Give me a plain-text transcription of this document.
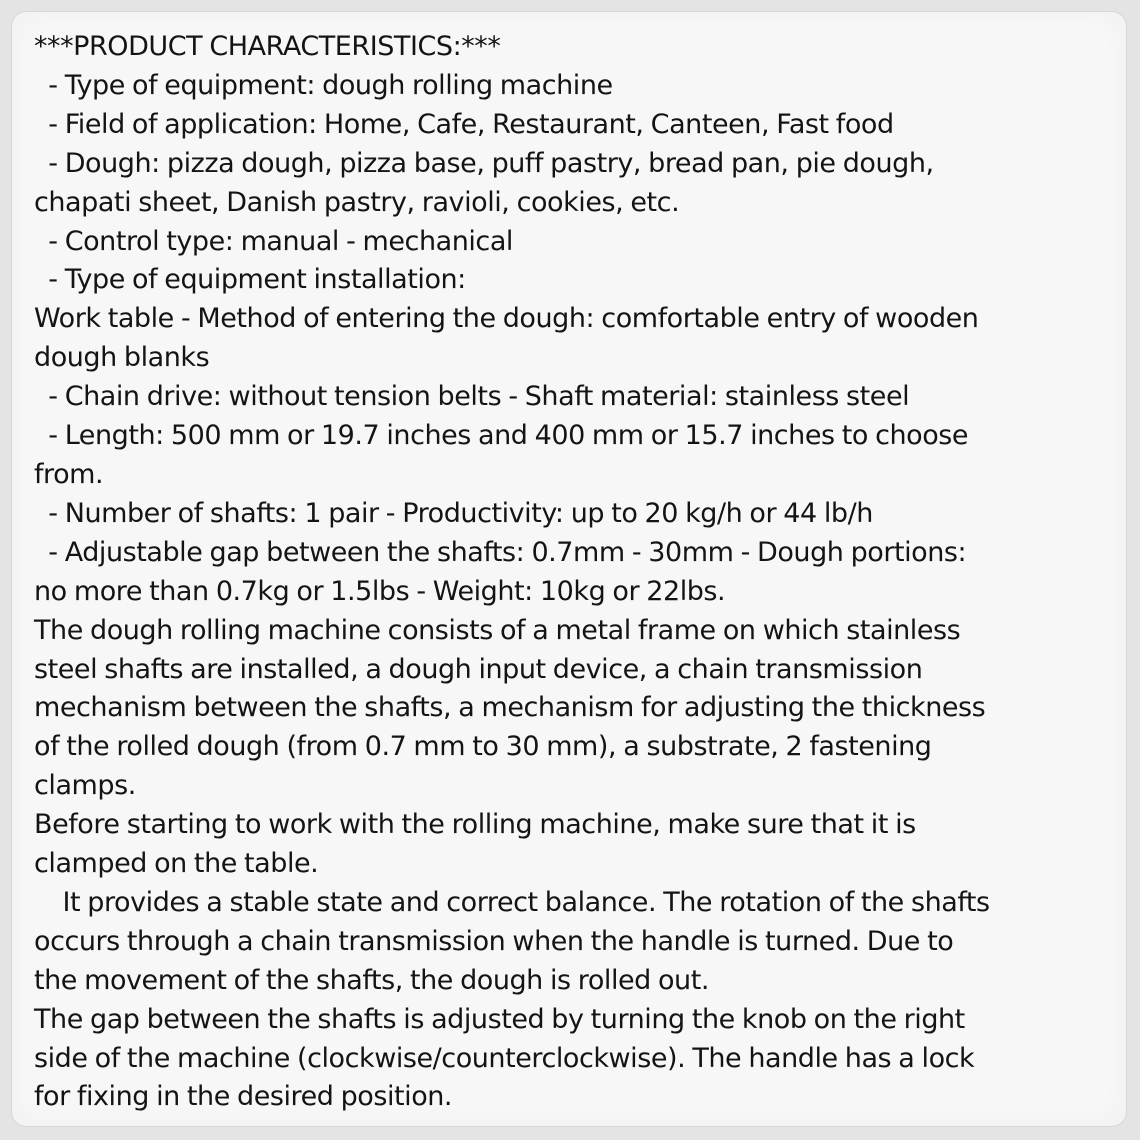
***PRODUCT CHARACTERISTICS:***
- Type of equipment: dough rolling machine
- Field of application: Home, Cafe, Restaurant, Canteen, Fast food
- Dough: pizza dough, pizza base, puff pastry, bread pan, pie dough,
chapati sheet, Danish pastry, ravioli, cookies, etc.
- Control type: manual - mechanical
- Type of equipment installation:
Work table - Method of entering the dough: comfortable entry of wooden
dough blanks
- Chain drive: without tension belts - Shaft material: stainless steel
- Length: 500 mm or 19.7 inches and 400 mm or 15.7 inches to choose
from.
- Number of shafts: 1 pair - Productivity: up to 20 kg/h or 44 lb/h
- Adjustable gap between the shafts: 0.7mm - 30mm - Dough portions:
no more than 0.7kg or 1.5lbs - Weight: 10kg or 22lbs.
The dough rolling machine consists of a metal frame on which stainless
steel shafts are installed, a dough input device, a chain transmission
mechanism between the shafts, a mechanism for adjusting the thickness
of the rolled dough (from 0.7 mm to 30 mm), a substrate, 2 fastening
clamps.
Before starting to work with the rolling machine, make sure that it is
clamped on the table.
It provides a stable state and correct balance. The rotation of the shafts
occurs through a chain transmission when the handle is turned. Due to
the movement of the shafts, the dough is rolled out.
The gap between the shafts is adjusted by turning the knob on the right
side of the machine (clockwise/counterclockwise). The handle has a lock
for fixing in the desired position.
